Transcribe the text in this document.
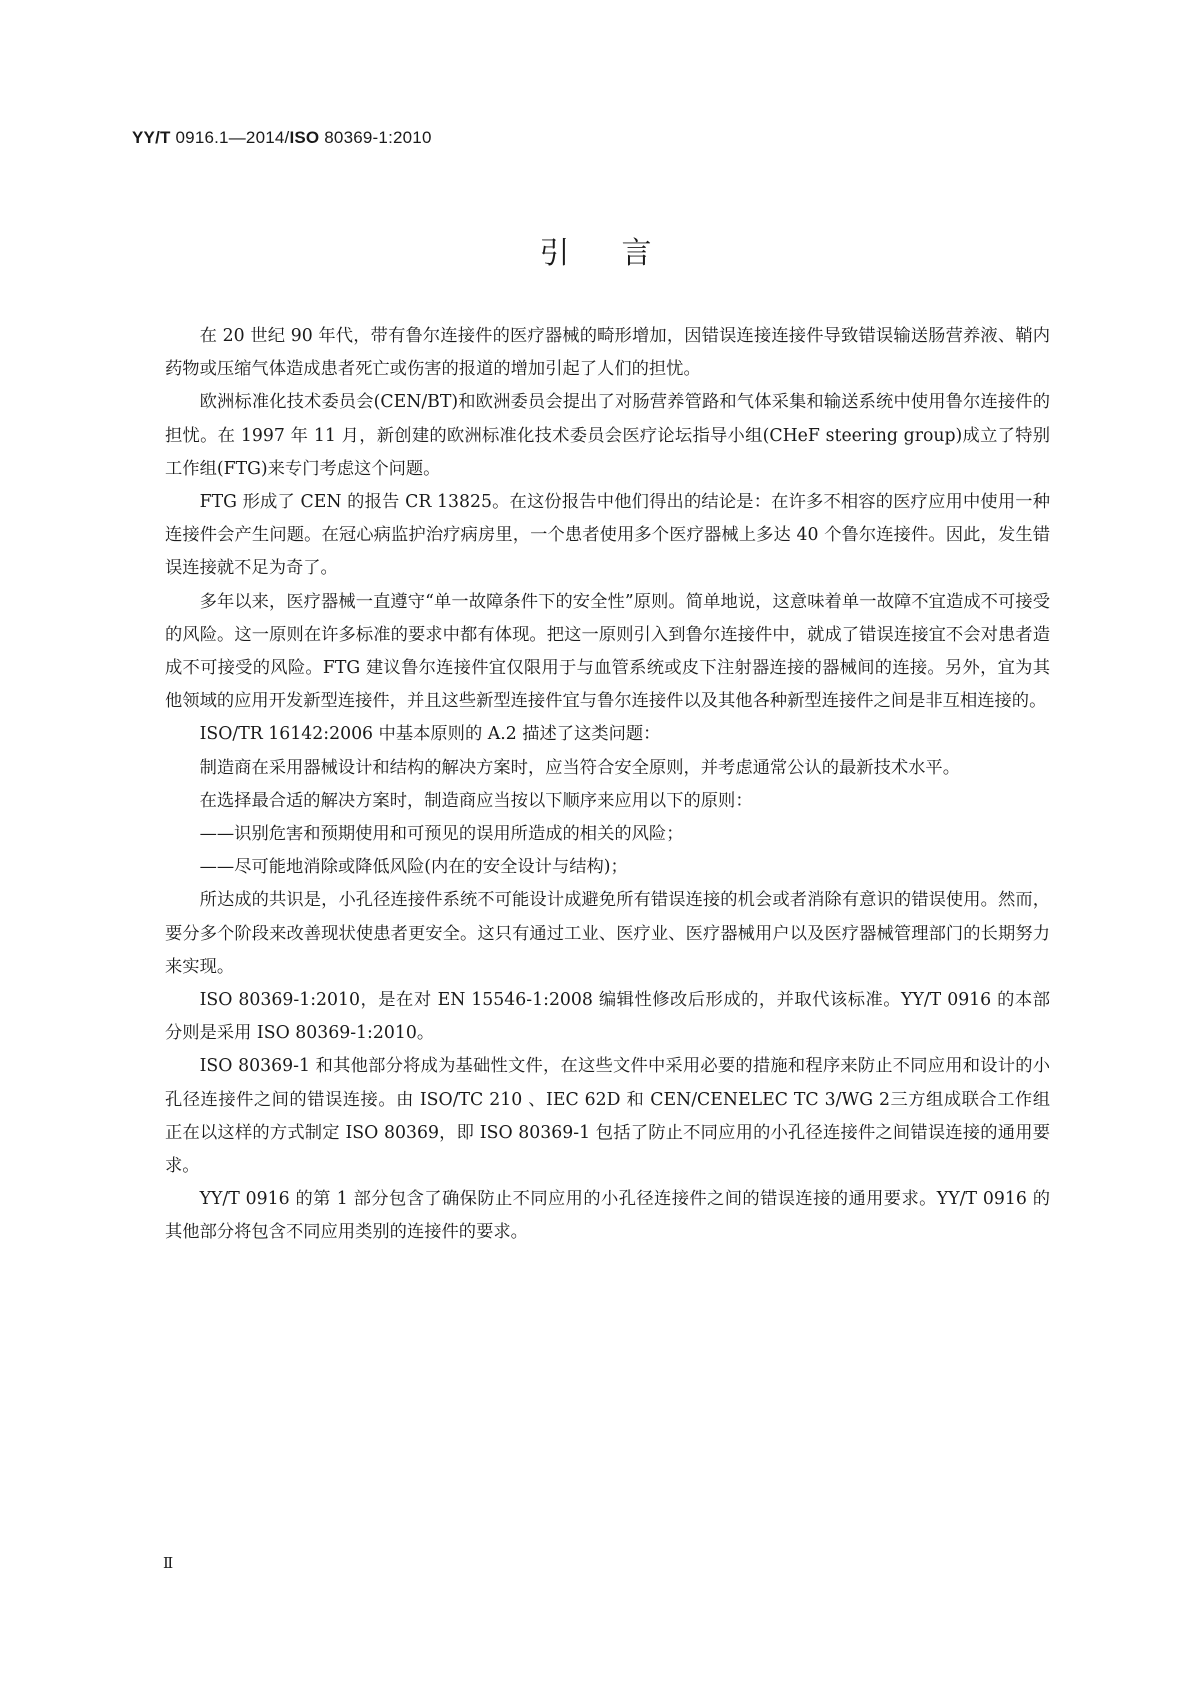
YY/T 0916.1—2014/ISO 80369-1:2010
引言

在 20 世纪 90 年代，带有鲁尔连接件的医疗器械的畸形增加，因错误连接连接件导致错误输送肠营养液、鞘内药物或压缩气体造成患者死亡或伤害的报道的增加引起了人们的担忧。

欧洲标准化技术委员会(CEN/BT)和欧洲委员会提出了对肠营养管路和气体采集和输送系统中使用鲁尔连接件的担忧。在 1997 年 11 月，新创建的欧洲标准化技术委员会医疗论坛指导小组(CHeF steering group)成立了特别工作组(FTG)来专门考虑这个问题。

FTG 形成了 CEN 的报告 CR 13825。在这份报告中他们得出的结论是：在许多不相容的医疗应用中使用一种连接件会产生问题。在冠心病监护治疗病房里，一个患者使用多个医疗器械上多达 40 个鲁尔连接件。因此，发生错误连接就不足为奇了。

多年以来，医疗器械一直遵守“单一故障条件下的安全性”原则。简单地说，这意味着单一故障不宜造成不可接受的风险。这一原则在许多标准的要求中都有体现。把这一原则引入到鲁尔连接件中，就成了错误连接宜不会对患者造成不可接受的风险。FTG 建议鲁尔连接件宜仅限用于与血管系统或皮下注射器连接的器械间的连接。另外，宜为其他领域的应用开发新型连接件，并且这些新型连接件宜与鲁尔连接件以及其他各种新型连接件之间是非互相连接的。

ISO/TR 16142:2006 中基本原则的 A.2 描述了这类问题：

制造商在采用器械设计和结构的解决方案时，应当符合安全原则，并考虑通常公认的最新技术水平。

在选择最合适的解决方案时，制造商应当按以下顺序来应用以下的原则：

——识别危害和预期使用和可预见的误用所造成的相关的风险；

——尽可能地消除或降低风险(内在的安全设计与结构)；

所达成的共识是，小孔径连接件系统不可能设计成避免所有错误连接的机会或者消除有意识的错误使用。然而，要分多个阶段来改善现状使患者更安全。这只有通过工业、医疗业、医疗器械用户以及医疗器械管理部门的长期努力来实现。

ISO 80369-1:2010，是在对 EN 15546-1:2008 编辑性修改后形成的，并取代该标准。YY/T 0916 的本部分则是采用 ISO 80369-1:2010。

ISO 80369-1 和其他部分将成为基础性文件，在这些文件中采用必要的措施和程序来防止不同应用和设计的小孔径连接件之间的错误连接。由 ISO/TC 210 、IEC 62D 和 CEN/CENELEC TC 3/WG 2三方组成联合工作组正在以这样的方式制定 ISO 80369，即 ISO 80369-1 包括了防止不同应用的小孔径连接件之间错误连接的通用要求。

YY/T 0916 的第 1 部分包含了确保防止不同应用的小孔径连接件之间的错误连接的通用要求。YY/T 0916 的其他部分将包含不同应用类别的连接件的要求。

Ⅱ
